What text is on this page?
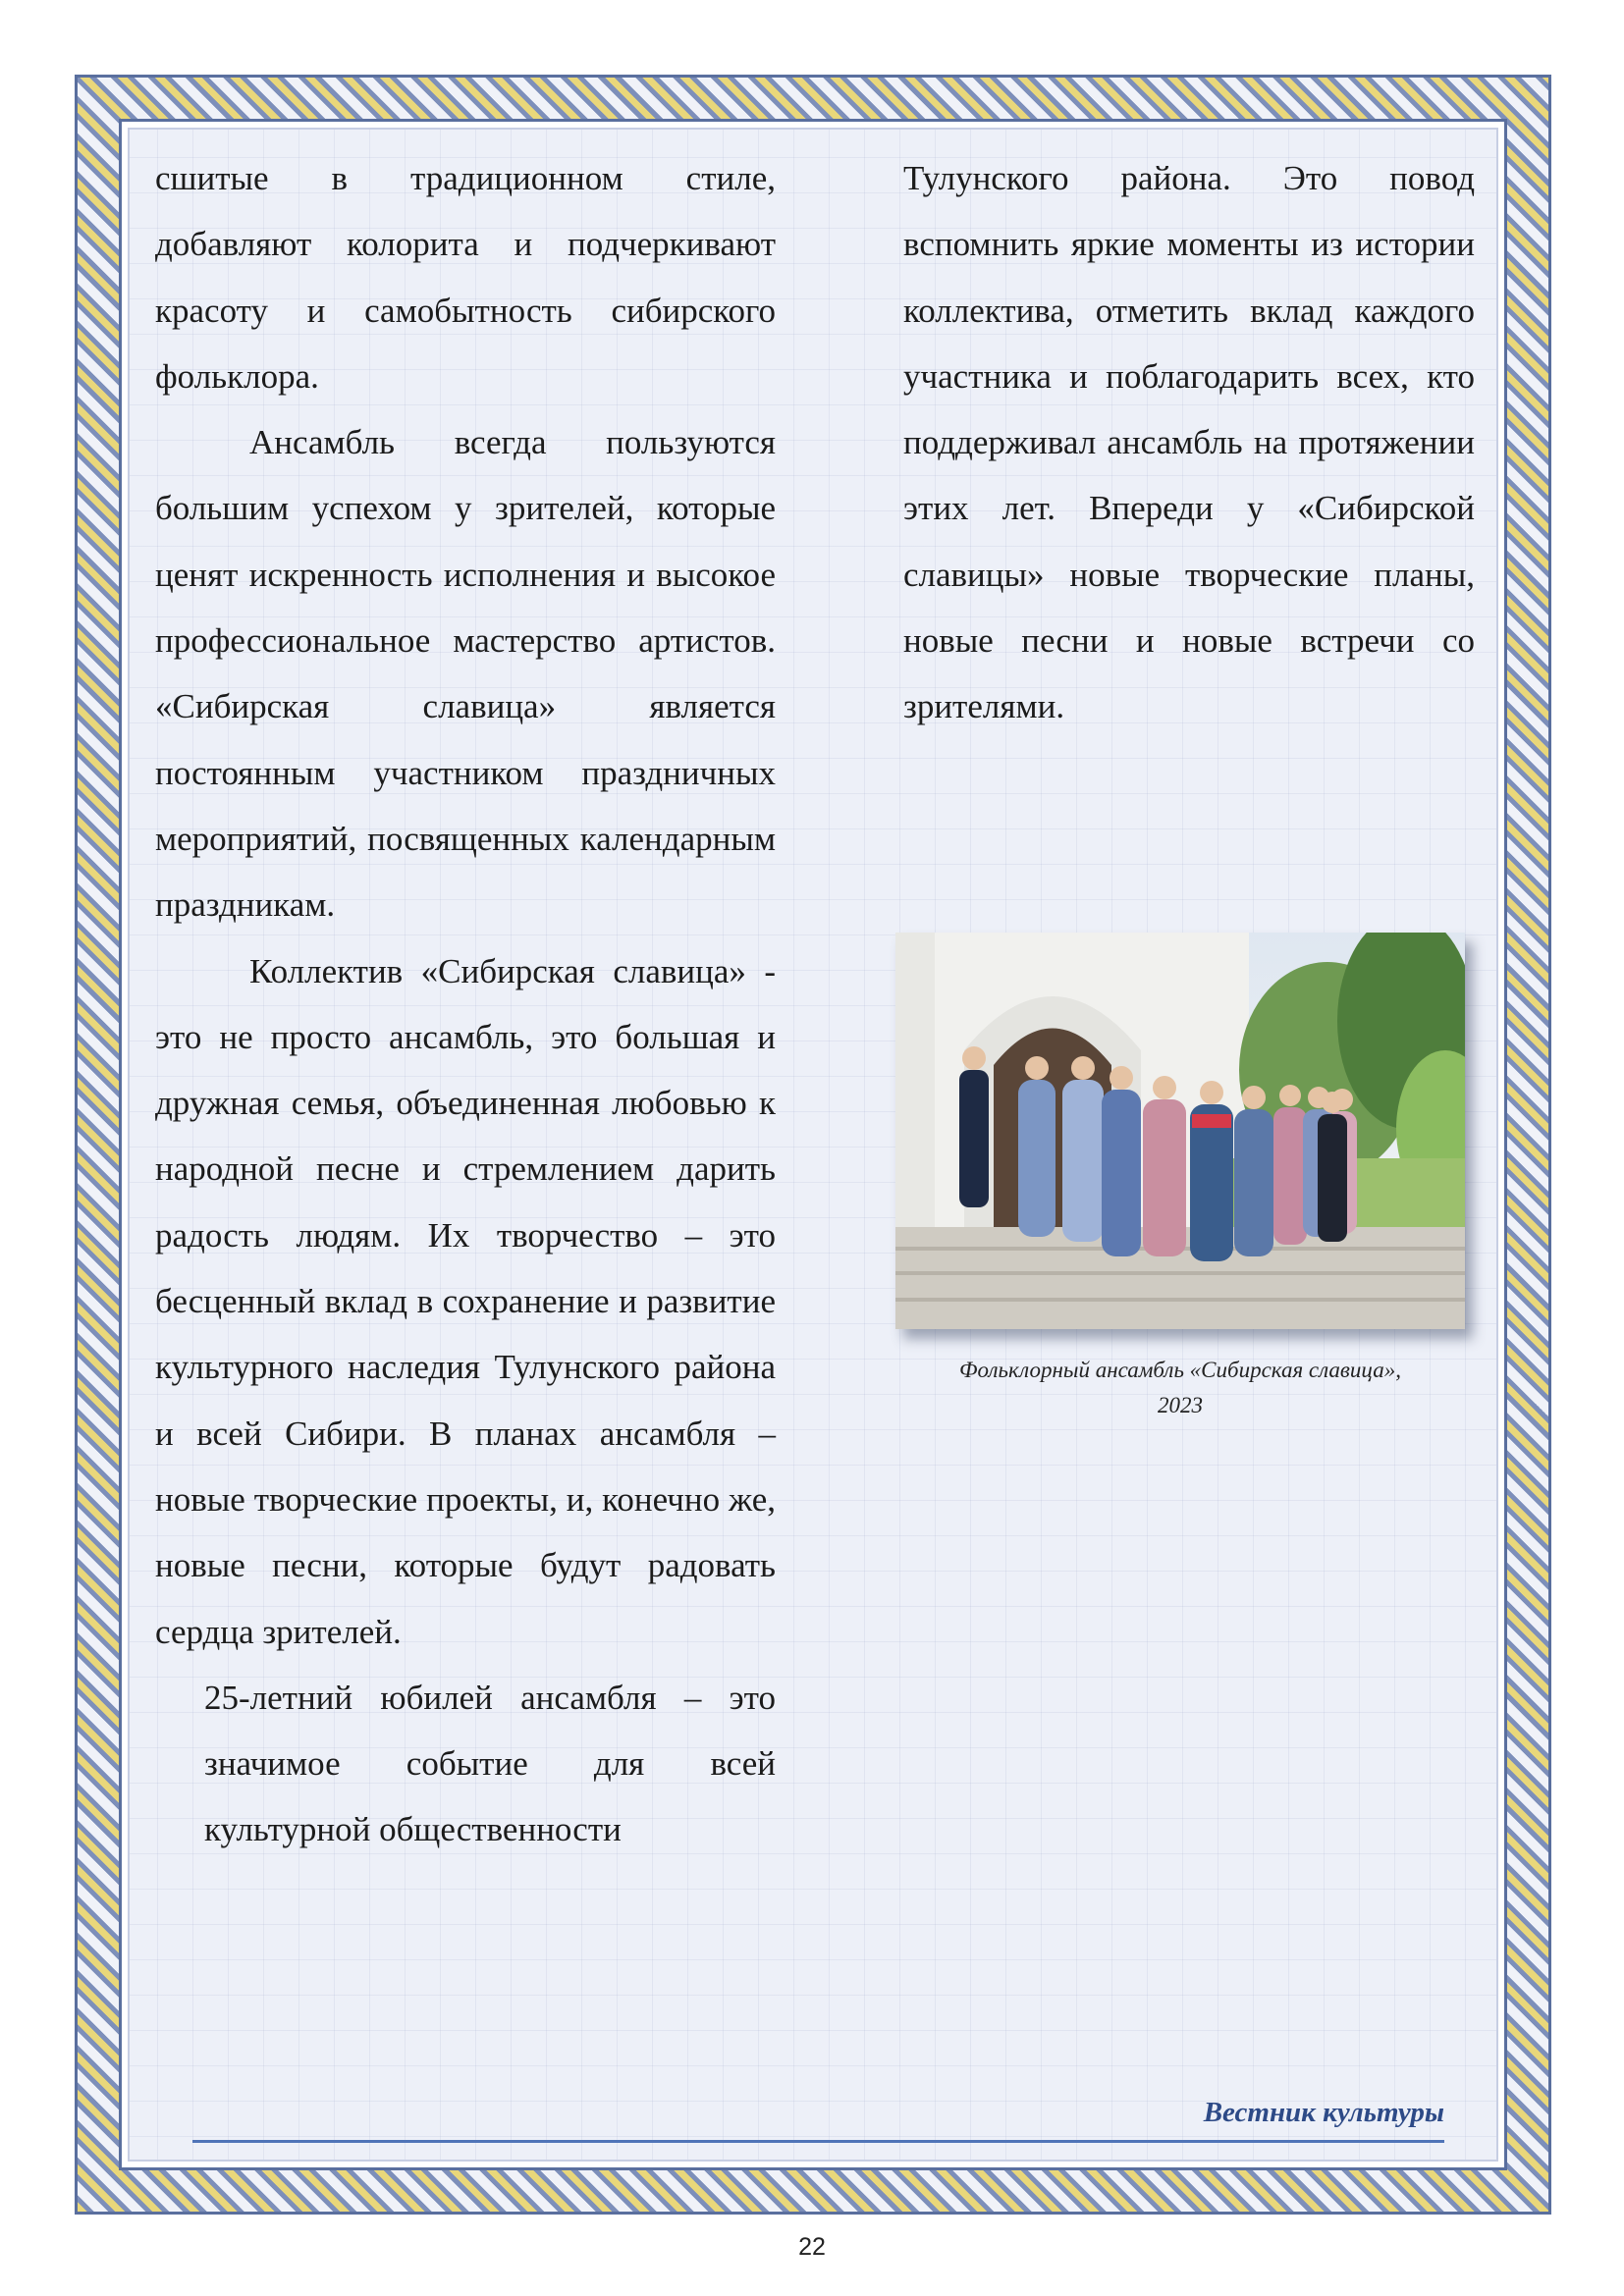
сшитые в традиционном стиле, добавляют колорита и подчеркивают красоту и самобытность сибирского фольклора.

Ансамбль всегда пользуются большим успехом у зрителей, которые ценят искренность исполнения и высокое профессиональное мастерство артистов. «Сибирская славица» является постоянным участником праздничных мероприятий, посвященных календарным праздникам.

Коллектив «Сибирская славица» - это не просто ансамбль, это большая и дружная семья, объединенная любовью к народной песне и стремлением дарить радость людям. Их творчество – это бесценный вклад в сохранение и развитие культурного наследия Тулунского района и всей Сибири. В планах ансамбля – новые творческие проекты, и, конечно же, новые песни, которые будут радовать сердца зрителей.

25-летний юбилей ансамбля – это значимое событие для всей культурной общественности

Тулунского района. Это повод вспомнить яркие моменты из истории коллектива, отметить вклад каждого участника и поблагодарить всех, кто поддерживал ансамбль на протяжении этих лет. Впереди у «Сибирской славицы» новые творческие планы, новые песни и новые встречи со зрителями.

Фольклорный ансамбль «Сибирская славица»,
2023
Вестник культуры
22
